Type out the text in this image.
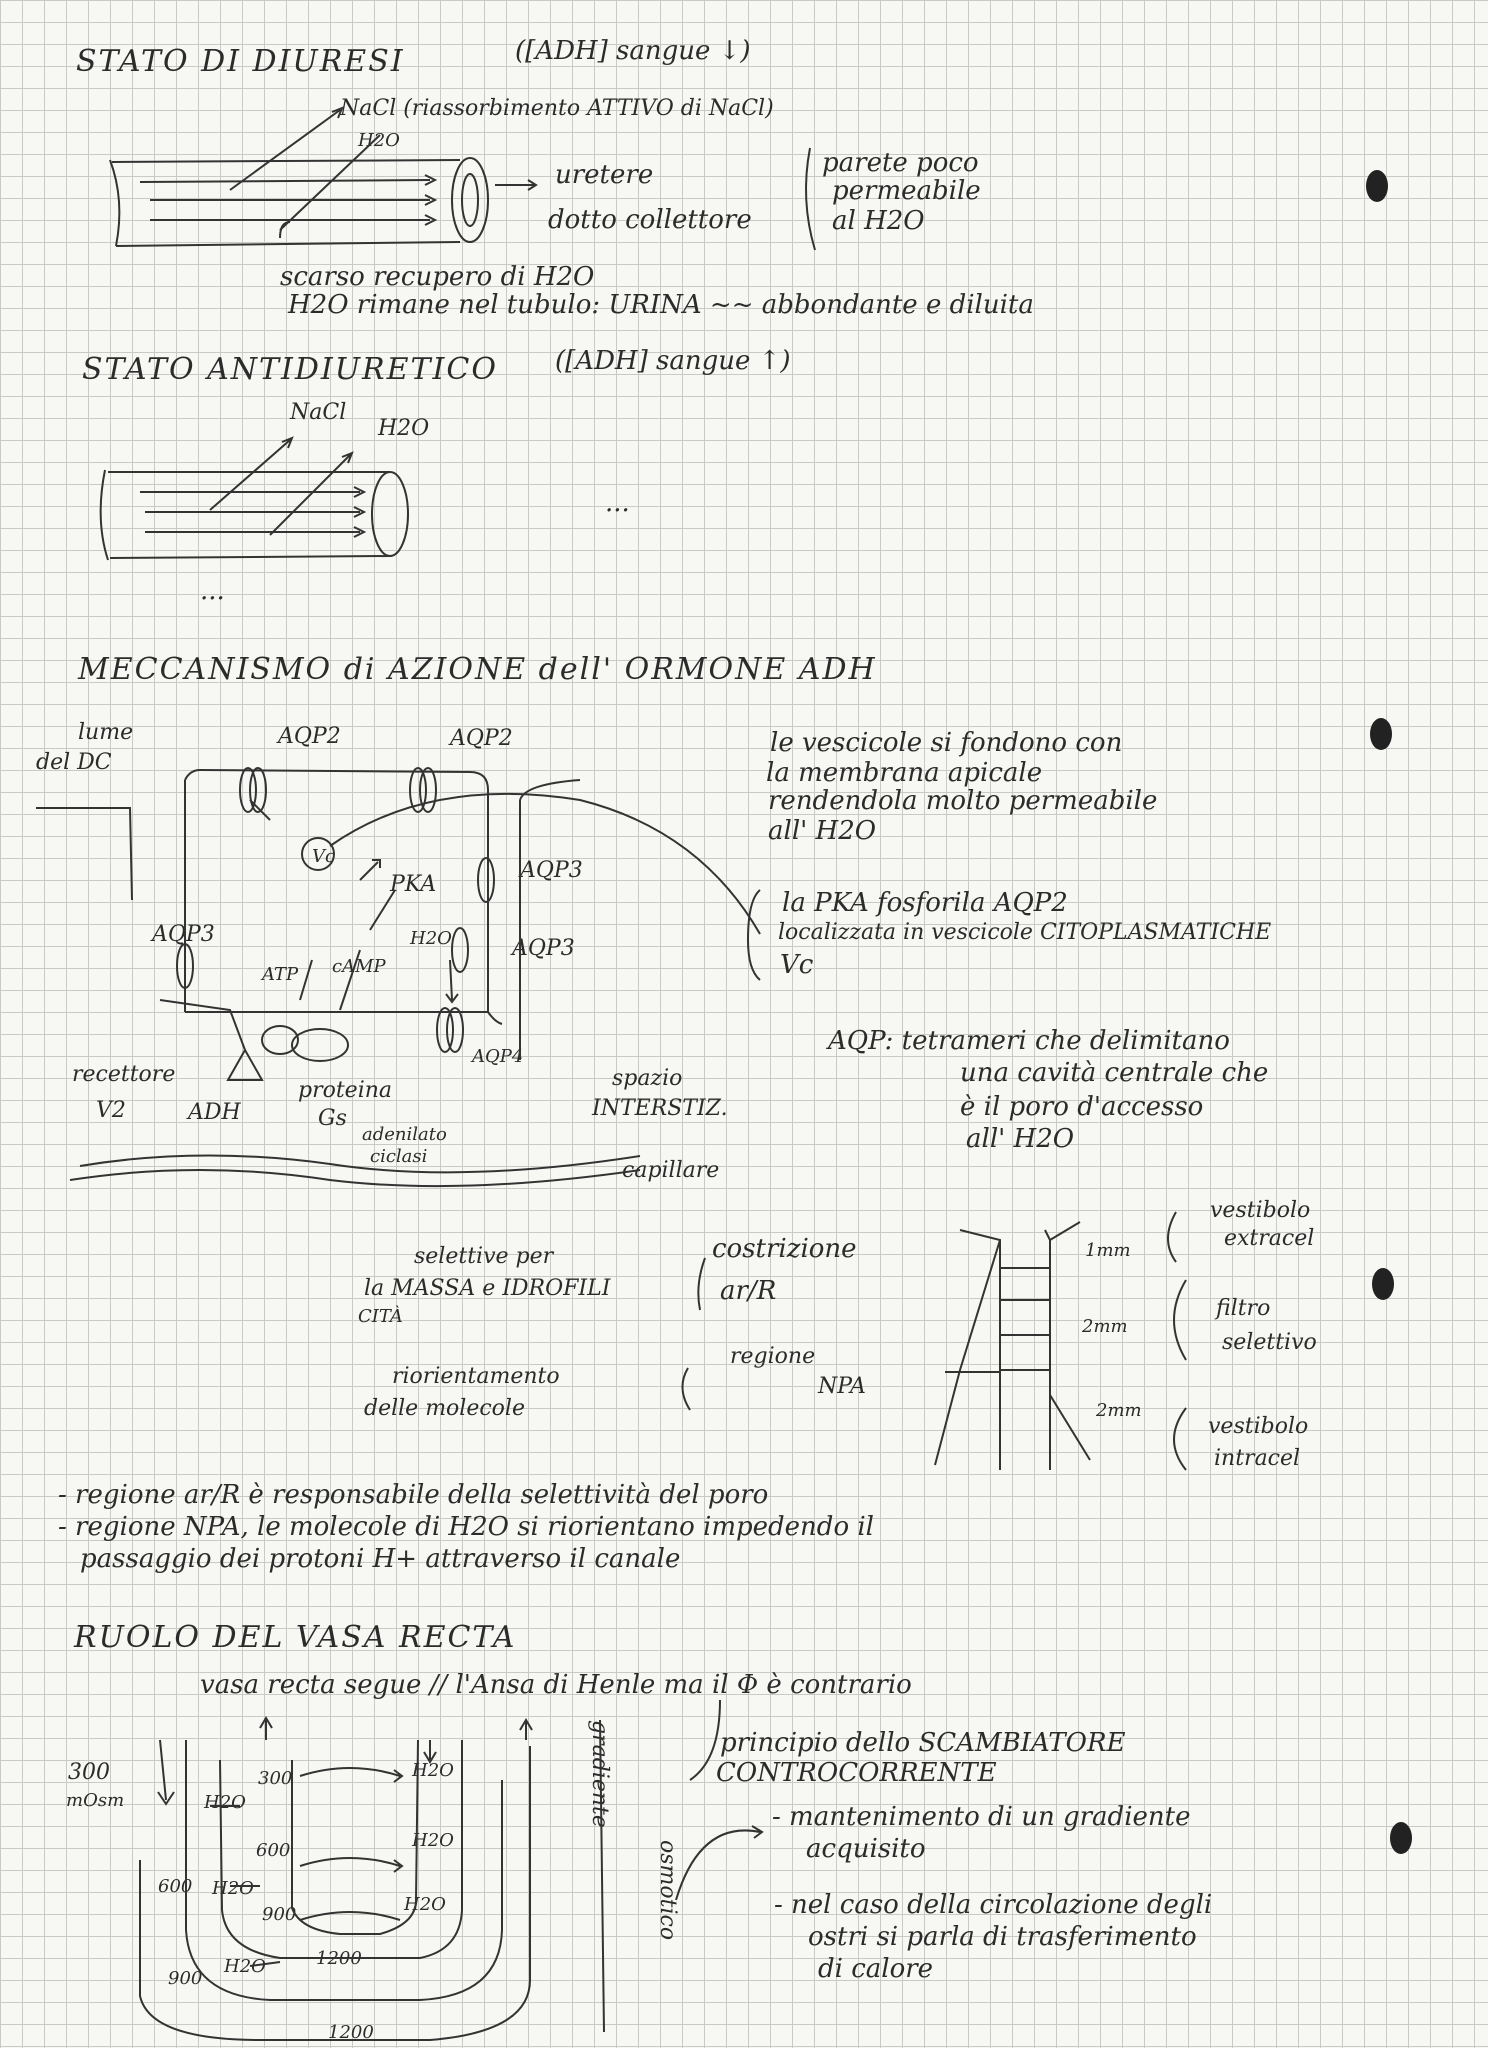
STATO DI DIURESI	([ADH] sangue ↓)
NaCl (riassorbimento ATTIVO di NaCl)
H2O
uretere
dotto collettore
parete poco
permeabile
al H2O
scarso recupero di H2O
H2O rimane nel tubulo: URINA ~~ abbondante e diluita
STATO ANTIDIURETICO ([ADH] sangue ↑)
NaCl
H2O
...
...
MECCANISMO di AZIONE dell' ORMONE ADH
lume
del DC
AQP2	AQP2
Vc
PKA
AQP3
AQP3
H2O
AQP3
ATP cAMP
AQP4
recettore
V2	ADH
proteina
Gs
adenilato
ciclasi
spazio
INTERSTIZ.
capillare
le vescicole si fondono con
la membrana apicale
rendendola molto permeabile
all' H2O
la PKA fosforila AQP2
localizzata in vescicole CITOPLASMATICHE
Vc
AQP: tetrameri che delimitano
una cavità centrale che
è il poro d'accesso
all' H2O
selettive per
la MASSA e IDROFILI
CITÀ
costrizione
ar/R
riorientamento
delle molecole
regione
NPA
1mm
2mm
2mm
vestibolo
extracel
filtro
selettivo
vestibolo
intracel
- regione ar/R è responsabile della selettività del poro
- regione NPA, le molecole di H2O si riorientano impedendo il
passaggio dei protoni H+ attraverso il canale
RUOLO DEL VASA RECTA
vasa recta segue // l'Ansa di Henle ma il Φ è contrario
300
mOsm
300
600
900
1200
600
900
1200
H2O
H2O
H2O
H2O
H2O
H2O
gradiente
osmotico
principio dello SCAMBIATORE
CONTROCORRENTE
- mantenimento di un gradiente
acquisito
- nel caso della circolazione degli
ostri si parla di trasferimento
di calore
